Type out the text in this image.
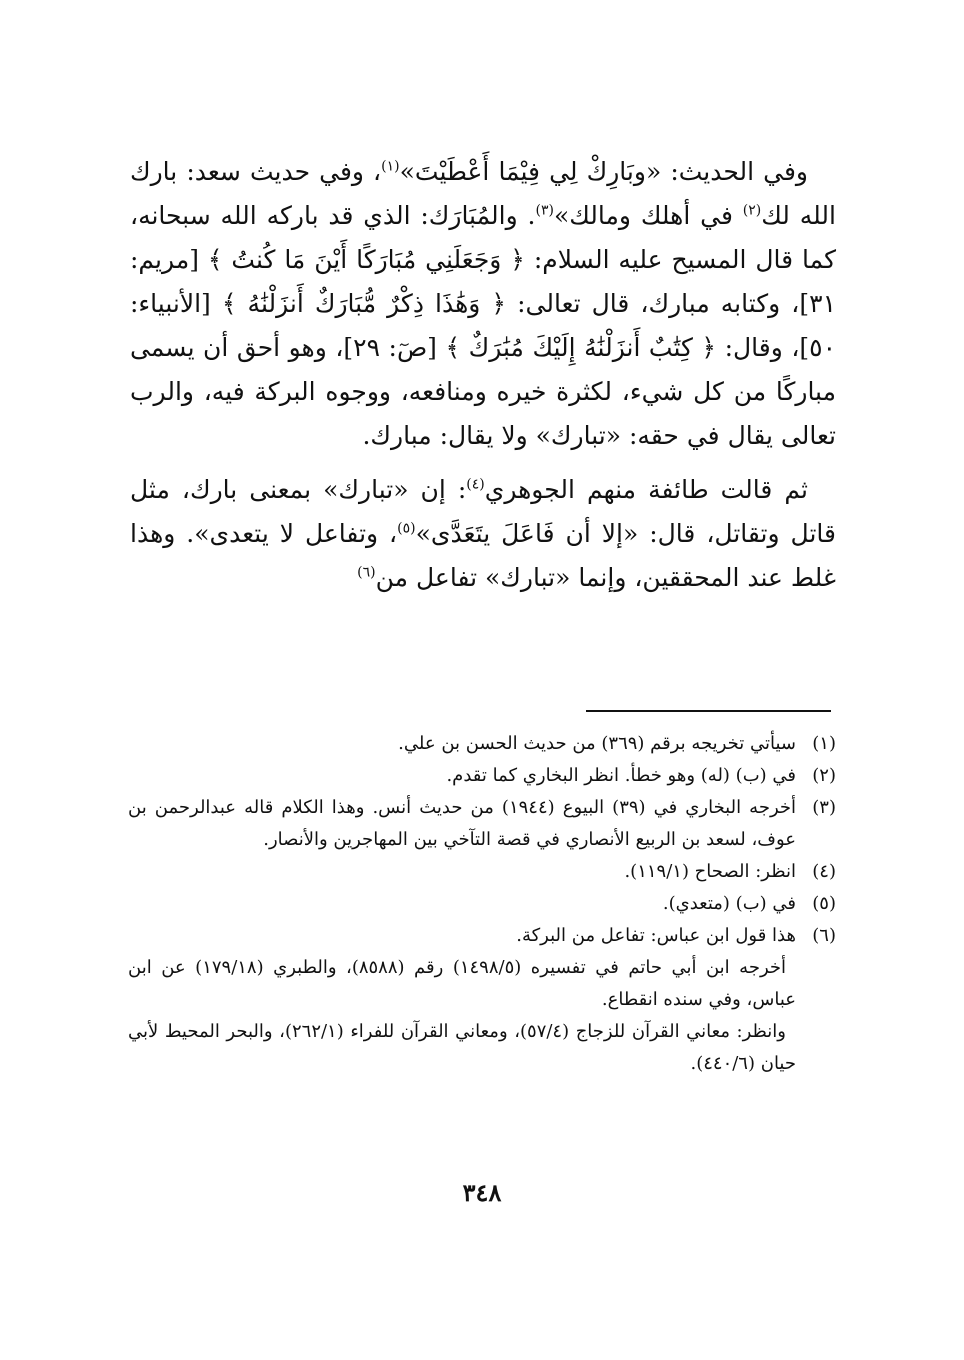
وفي الحديث: «وبَارِكْ لِي فِيْمَا أَعْطَيْتَ»$^{(١)}$، وفي حديث سعد: بارك الله لك$^{(٢)}$ في أهلك ومالك»$^{(٣)}$. والمُبَارَك: الذي قد باركه الله سبحانه، كما قال المسيح عليه السلام: ﴿ وَجَعَلَنِي مُبَارَكًا أَيْنَ مَا كُنتُ ﴾ [مريم: ٣١]، وكتابه مبارك، قال تعالى: ﴿ وَهَٰذَا ذِكْرٌ مُّبَارَكٌ أَنزَلْنَٰهُ ﴾ [الأنبياء: ٥٠]، وقال: ﴿ كِتَٰبٌ أَنزَلْنَٰهُ إِلَيْكَ مُبَٰرَكٌ ﴾ [صٓ: ٢٩]، وهو أحق أن يسمى مباركًا من كل شيء، لكثرة خيره ومنافعه، ووجوه البركة فيه، والرب تعالى يقال في حقه: «تبارك» ولا يقال: مبارك.

ثم قالت طائفة منهم الجوهري$^{(٤)}$: إن «تبارك» بمعنى بارك، مثل قاتل وتقاتل، قال: «إلا أن فَاعَلَ يتَعَدَّى»$^{(٥)}$، وتفاعل لا يتعدى». وهذا غلط عند المحققين، وإنما «تبارك» تفاعل من$^{(٦)}$

(١)
سيأتي تخريجه برقم (٣٦٩) من حديث الحسن بن علي.
(٢)
في (ب) (له) وهو خطأ. انظر البخاري كما تقدم.
(٣)
أخرجه البخاري في (٣٩) البيوع (١٩٤٤) من حديث أنس. وهذا الكلام قاله عبدالرحمن بن عوف، لسعد بن الربيع الأنصاري في قصة التآخي بين المهاجرين والأنصار.
(٤)
انظر: الصحاح (١١٩/١).
(٥)
في (ب) (متعدي).
(٦)
هذا قول ابن عباس: تفاعل من البركة.

أخرجه ابن أبي حاتم في تفسيره (١٤٩٨/٥) رقم (٨٥٨٨)، والطبري (١٧٩/١٨) عن ابن عباس، وفي سنده انقطاع.

وانظر: معاني القرآن للزجاج (٥٧/٤)، ومعاني القرآن للفراء (٢٦٢/١)، والبحر المحيط لأبي حيان (٤٤٠/٦).

٣٤٨
